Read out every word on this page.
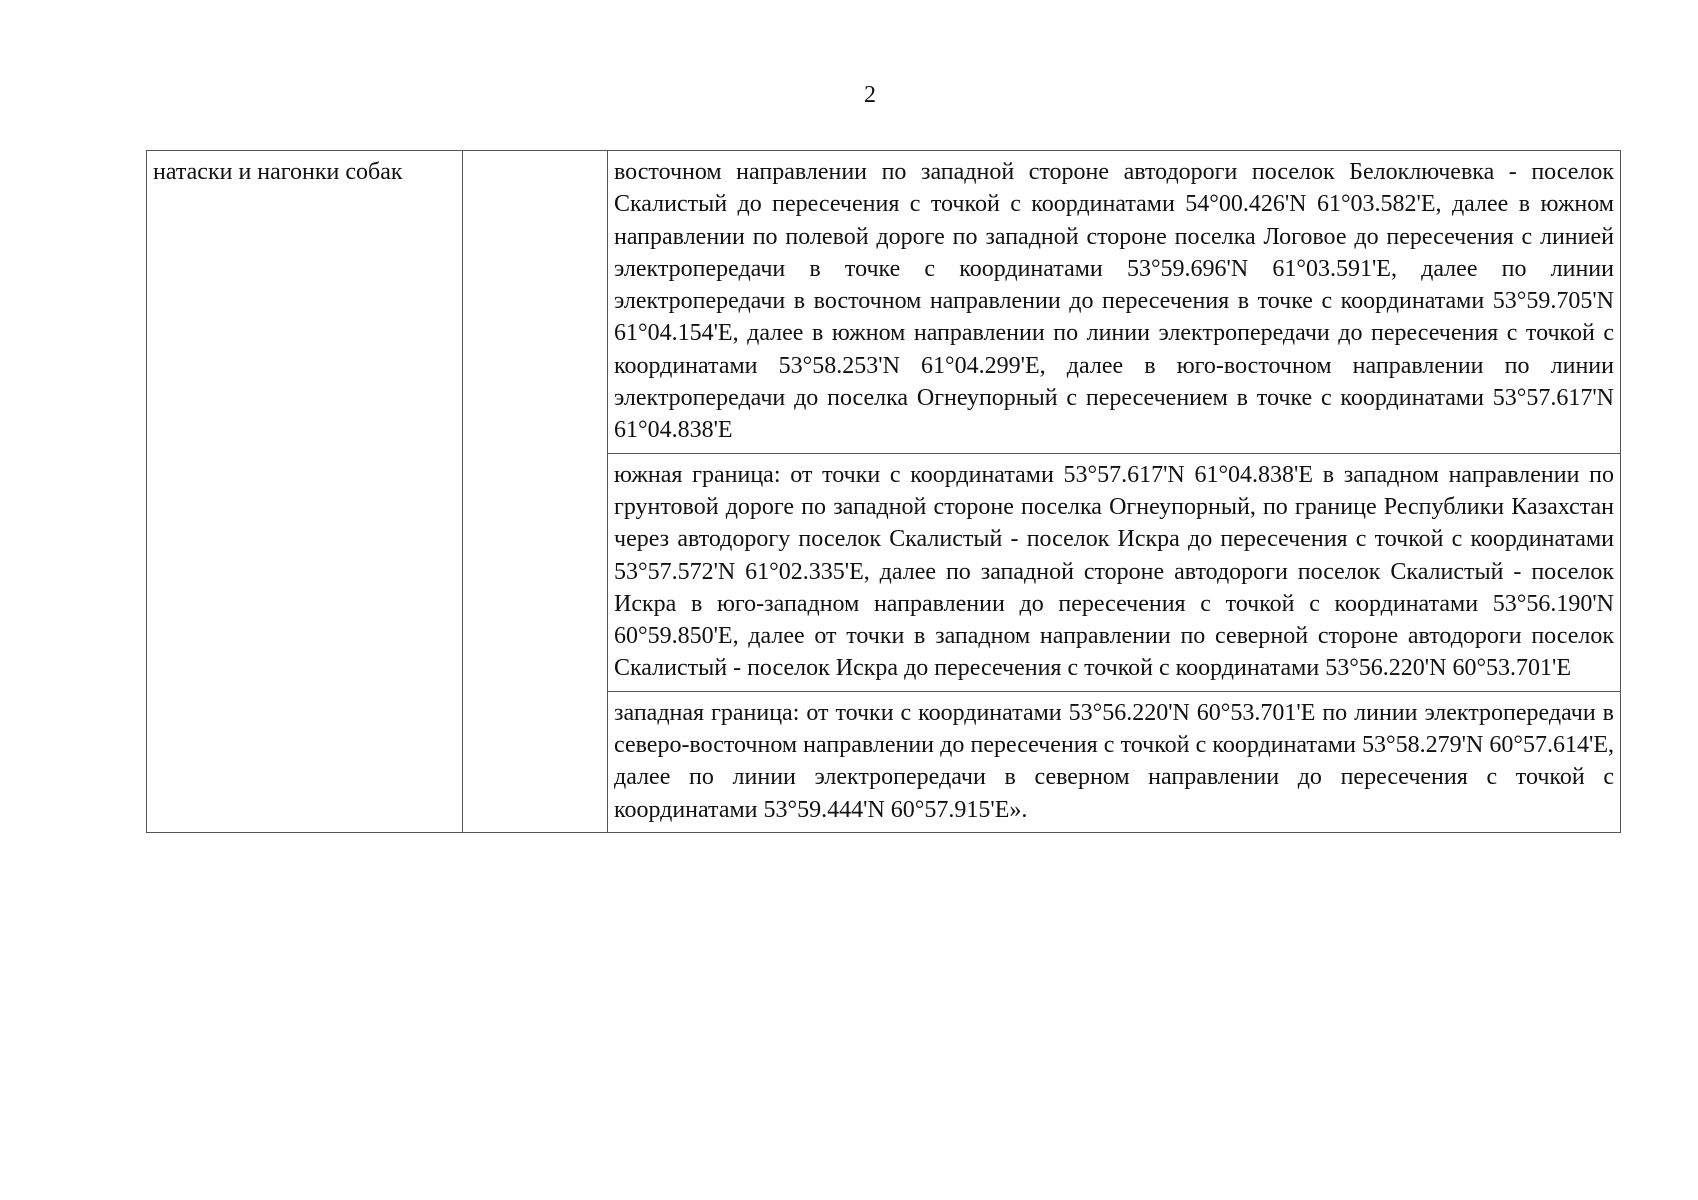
2
натаски и нагонки собак		восточном направлении по западной стороне автодороги поселок Белоключевка - поселок Скалистый до пересечения с точкой с координатами 54°00.426'N 61°03.582'E, далее в южном направлении по полевой дороге по западной стороне поселка Логовое до пересечения с линией электропередачи в точке с координатами 53°59.696'N 61°03.591'E, далее по линии электропередачи в восточном направлении до пересечения в точке с координатами 53°59.705'N 61°04.154'E, далее в южном направлении по линии электропередачи до пересечения с точкой с координатами 53°58.253'N 61°04.299'E, далее в юго-восточном направлении по линии электропередачи до поселка Огнеупорный с пересечением в точке с координатами 53°57.617'N 61°04.838'E

южная граница: от точки с координатами 53°57.617'N 61°04.838'E в западном направлении по грунтовой дороге по западной стороне поселка Огнеупорный, по границе Республики Казахстан через автодорогу поселок Скалистый - поселок Искра до пересечения с точкой с координатами 53°57.572'N 61°02.335'E, далее по западной стороне автодороги поселок Скалистый - поселок Искра в юго-западном направлении до пересечения с точкой с координатами 53°56.190'N 60°59.850'E, далее от точки в западном направлении по северной стороне автодороги поселок Скалистый - поселок Искра до пересечения с точкой с координатами 53°56.220'N 60°53.701'E

западная граница: от точки с координатами 53°56.220'N 60°53.701'E по линии электропередачи в северо-восточном направлении до пересечения с точкой с координатами 53°58.279'N 60°57.614'E, далее по линии электропередачи в северном направлении до пересечения с точкой с координатами 53°59.444'N 60°57.915'E».
